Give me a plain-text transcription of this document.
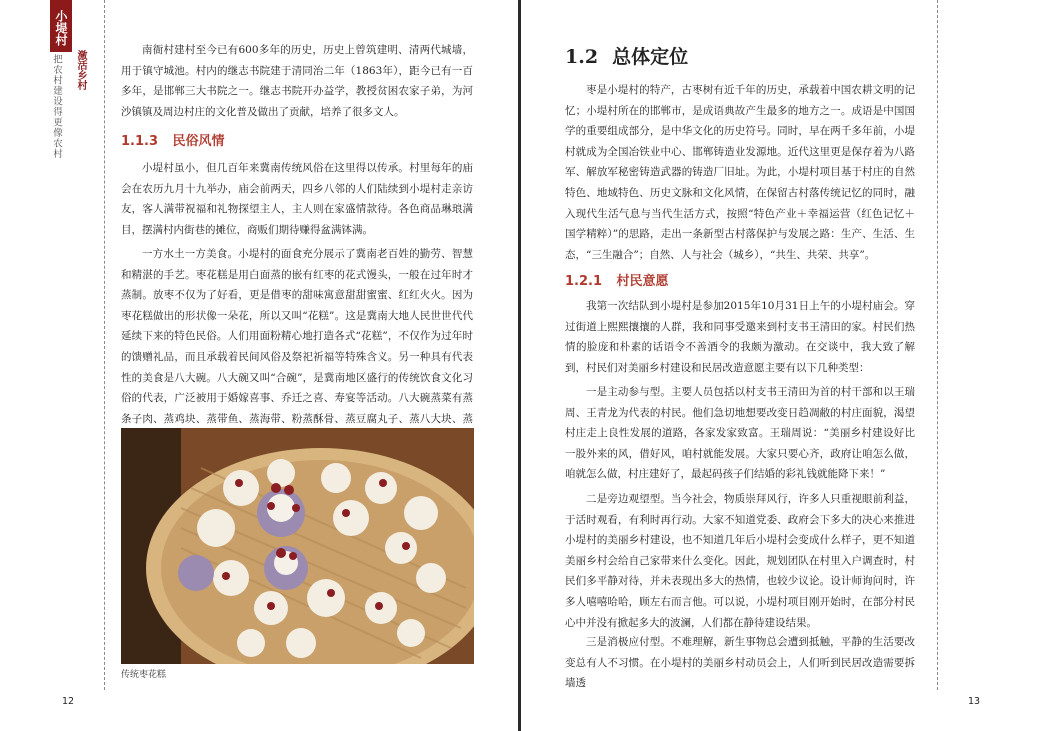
小堤村
激活乡村
把农村建设得更像农村

南衙村建村至今已有600多年的历史，历史上曾筑建明、清两代城墙，用于镇守城池。村内的继志书院建于清同治二年（1863年），距今已有一百多年，是邯郸三大书院之一。继志书院开办益学，教授贫困农家子弟，为河沙镇镇及周边村庄的文化普及做出了贡献，培养了很多文人。

1.1.3 民俗风情

小堤村虽小，但几百年来冀南传统风俗在这里得以传承。村里每年的庙会在农历九月十九举办，庙会前两天，四乡八邻的人们陆续到小堤村走亲访友，客人满带祝福和礼物探望主人，主人则在家盛情款待。各色商品琳琅满目，摆满村内街巷的摊位，商贩们期待赚得盆满钵满。

一方水土一方美食。小堤村的面食充分展示了冀南老百姓的勤劳、智慧和精湛的手艺。枣花糕是用白面蒸的嵌有红枣的花式馒头，一般在过年时才蒸制。放枣不仅为了好看，更是借枣的甜味寓意甜甜蜜蜜、红红火火。因为枣花糕做出的形状像一朵花，所以又叫“花糕”。这是冀南大地人民世世代代延续下来的特色民俗。人们用面粉精心地打造各式“花糕”，不仅作为过年时的馈赠礼品，而且承载着民间风俗及祭祀祈福等特殊含义。另一种具有代表性的美食是八大碗。八大碗又叫“合碗”，是冀南地区盛行的传统饮食文化习俗的代表，广泛被用于婚嫁喜事、乔迁之喜、寿宴等活动。八大碗蒸菜有蒸条子肉、蒸鸡块、蒸带鱼、蒸海带、粉蒸酥骨、蒸豆腐丸子、蒸八大块、蒸

传统枣花糕
12
1.2 总体定位

枣是小堤村的特产，古枣树有近千年的历史，承载着中国农耕文明的记忆；小堤村所在的邯郸市，是成语典故产生最多的地方之一。成语是中国国学的重要组成部分，是中华文化的历史符号。同时，早在两千多年前，小堤村就成为全国冶铁业中心、邯郸铸造业发源地。近代这里更是保存着为八路军、解放军秘密铸造武器的铸造厂旧址。为此，小堤村项目基于村庄的自然特色、地域特色、历史文脉和文化风情，在保留古村落传统记忆的同时，融入现代生活气息与当代生活方式，按照“特色产业＋幸福运营（红色记忆＋国学精粹）”的思路，走出一条新型古村落保护与发展之路：生产、生活、生态，“三生融合”；自然、人与社会（城乡），“共生、共荣、共享”。

1.2.1 村民意愿

我第一次结队到小堤村是参加2015年10月31日上午的小堤村庙会。穿过街道上熙熙攘攘的人群，我和同事受邀来到村支书王清田的家。村民们热情的脸庞和朴素的话语令不善酒令的我颇为激动。在交谈中，我大致了解到，村民们对美丽乡村建设和民居改造意愿主要有以下几种类型：

一是主动参与型。主要人员包括以村支书王清田为首的村干部和以王瑞周、王青龙为代表的村民。他们急切地想要改变日趋凋敝的村庄面貌，渴望村庄走上良性发展的道路，各家发家致富。王瑞周说：“美丽乡村建设好比一股外来的风，借好风，咱村就能发展。大家只要心齐，政府让咱怎么做，咱就怎么做，村庄建好了，最起码孩子们结婚的彩礼钱就能降下来！”

二是旁边观望型。当今社会，物质崇拜风行，许多人只重视眼前利益，于活时观看，有利时再行动。大家不知道党委、政府会下多大的决心来推进小堤村的美丽乡村建设，也不知道几年后小堤村会变成什么样子，更不知道美丽乡村会给自己家带来什么变化。因此，规划团队在村里入户调查时，村民们多平静对待，并未表现出多大的热情，也较少议论。设计师询问时，许多人嘻嘻哈哈，顾左右而言他。可以说，小堤村项目刚开始时，在部分村民心中并没有掀起多大的波澜，人们都在静待建设结果。

三是消极应付型。不难理解，新生事物总会遭到抵触，平静的生活要改变总有人不习惯。在小堤村的美丽乡村动员会上，人们听到民居改造需要拆墙透

13
